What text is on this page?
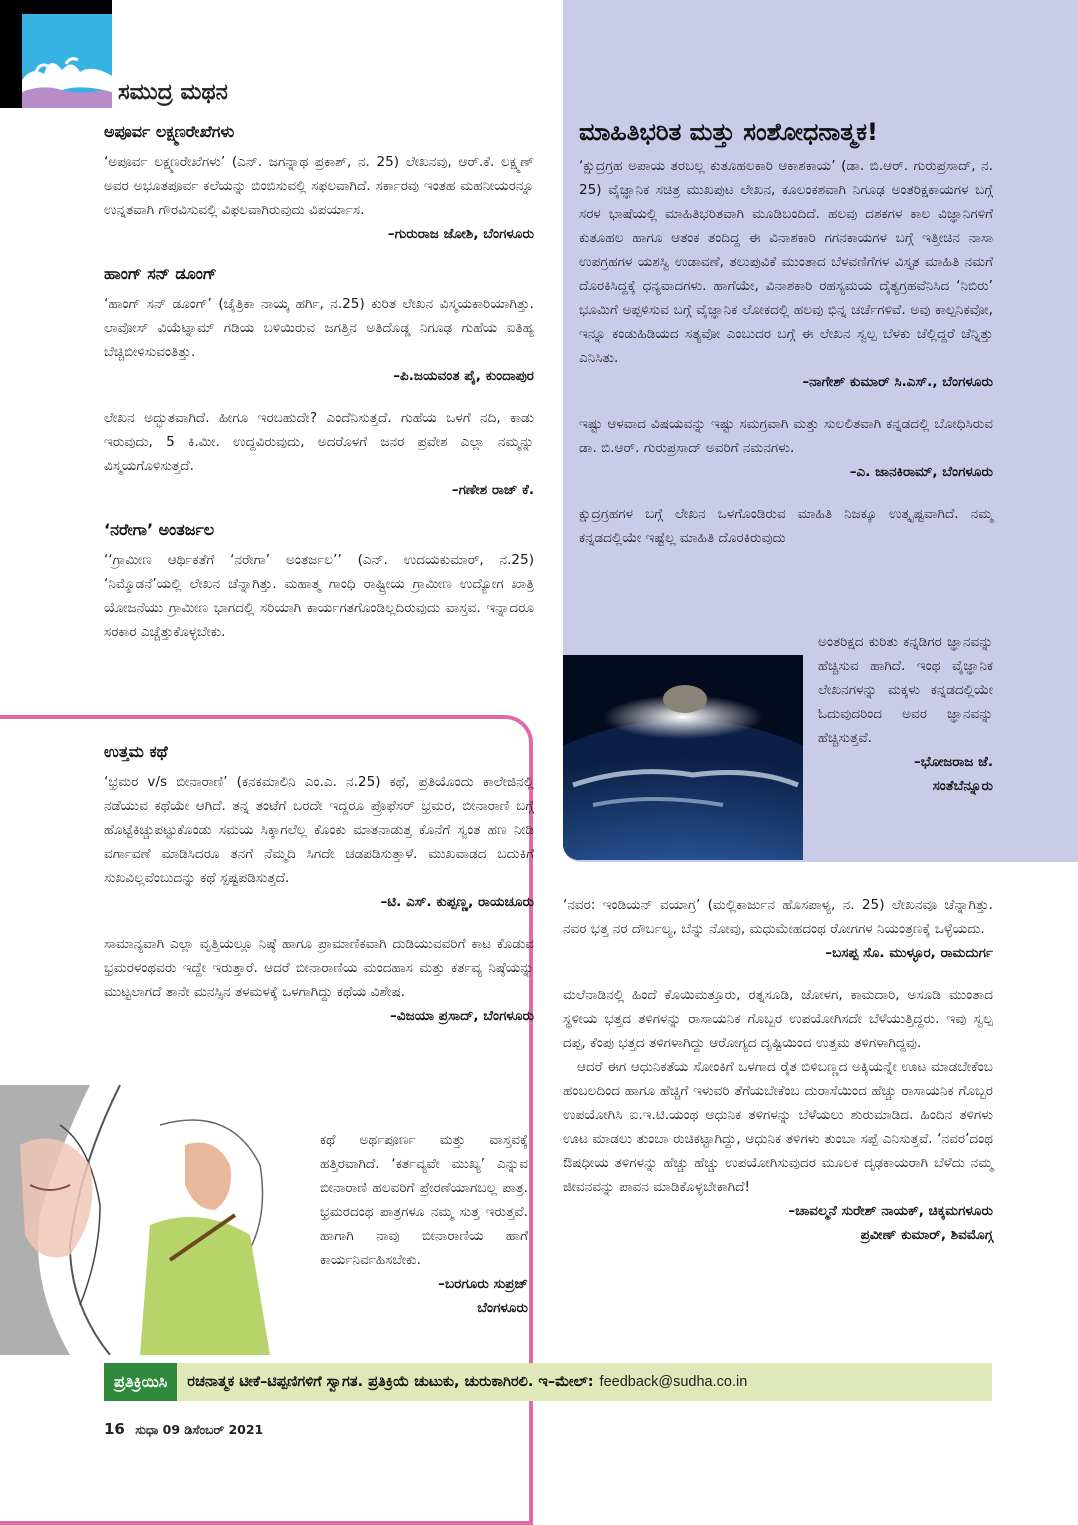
ಸಮುದ್ರ ಮಥನ
ಅಪೂರ್ವ ಲಕ್ಷ್ಮಣರೇಖೆಗಳು

‘ಅಪೂರ್ವ ಲಕ್ಷ್ಮಣರೇಖೆಗಳು’ (ಎನ್. ಜಗನ್ನಾಥ ಪ್ರಕಾಶ್, ನ. 25) ಲೇಖನವು, ಆರ್.ಕೆ. ಲಕ್ಷ್ಮಣ್ ಅವರ ಅಭೂತಪೂರ್ವ ಕಲೆಯನ್ನು ಬಿಂಬಿಸುವಲ್ಲಿ ಸಫಲವಾಗಿದೆ. ಸರ್ಕಾರವು ಇಂತಹ ಮಹನೀಯರನ್ನೂ ಉನ್ನತವಾಗಿ ಗೌರವಿಸುವಲ್ಲಿ ವಿಫಲವಾಗಿರುವುದು ವಿಪರ್ಯಾಸ.

–ಗುರುರಾಜ ಜೋಶಿ, ಬೆಂಗಳೂರು

ಹಾಂಗ್ ಸನ್ ಡೂಂಗ್

‘ಹಾಂಗ್ ಸನ್ ಡೂಂಗ್’ (ಚೈತ್ರಿಕಾ ನಾಯ್ಕ ಹರ್ಗಿ, ನ.25) ಕುರಿತ ಲೇಖನ ವಿಸ್ಮಯಕಾರಿಯಾಗಿತ್ತು. ಲಾವೋಸ್ ವಿಯೆಟ್ನಾಮ್ ಗಡಿಯ ಬಳಿಯಿರುವ ಜಗತ್ತಿನ ಅತಿದೊಡ್ಡ ನಿಗೂಢ ಗುಹೆಯ ಐತಿಹ್ಯ ಬೆಚ್ಚಿಬೀಳಿಸುವಂತಿತ್ತು.

–ಪಿ.ಜಯವಂತ ಪೈ, ಕುಂದಾಪುರ

ಲೇಖನ ಅದ್ಭುತವಾಗಿದೆ. ಹೀಗೂ ಇರಬಹುದೇ? ಎಂದೆನಿಸುತ್ತದೆ. ಗುಹೆಯ ಒಳಗೆ ನದಿ, ಕಾಡು ಇರುವುದು, 5 ಕಿ.ಮೀ. ಉದ್ದವಿರುವುದು, ಅದರೊಳಗೆ ಜನರ ಪ್ರವೇಶ ಎಲ್ಲಾ ನಮ್ಮನ್ನು ವಿಸ್ಮಯಗೊಳಿಸುತ್ತದೆ.

–ಗಣೇಶ ರಾಜ್ ಕೆ.

‘ನರೇಗಾ’ ಅಂತರ್ಜಲ

‘‘ಗ್ರಾಮೀಣ ಆರ್ಥಿಕತೆಗೆ ‘ನರೇಗಾ’ ಅಂತರ್ಜಲ’’ (ಎನ್. ಉದಯಕುಮಾರ್, ನ.25) ‘ನಿಮ್ಮೊಡನೆ’ಯಲ್ಲಿ ಲೇಖನ ಚೆನ್ನಾಗಿತ್ತು. ಮಹಾತ್ಮ ಗಾಂಧಿ ರಾಷ್ಟ್ರೀಯ ಗ್ರಾಮೀಣ ಉದ್ಯೋಗ ಖಾತ್ರಿ ಯೋಜನೆಯು ಗ್ರಾಮೀಣ ಭಾಗದಲ್ಲಿ ಸರಿಯಾಗಿ ಕಾರ್ಯಗತಗೊಂಡಿಲ್ಲದಿರುವುದು ವಾಸ್ತವ. ಇನ್ನಾದರೂ ಸರಕಾರ ಎಚ್ಚೆತ್ತುಕೊಳ್ಳಬೇಕು.

ಮಾಹಿತಿಭರಿತ ಮತ್ತು ಸಂಶೋಧನಾತ್ಮಕ!

‘ಕ್ಷುದ್ರಗ್ರಹ ಅಪಾಯ ತರಬಲ್ಲ ಕುತೂಹಲಕಾರಿ ಆಕಾಶಕಾಯ’ (ಡಾ. ಬಿ.ಆರ್. ಗುರುಪ್ರಸಾದ್, ನ. 25) ವೈಜ್ಞಾನಿಕ ಸಚಿತ್ರ ಮುಖಪುಟ ಲೇಖನ, ಕೂಲಂಕಶವಾಗಿ ನಿಗೂಢ ಅಂತರಿಕ್ಷಕಾಯಗಳ ಬಗ್ಗೆ ಸರಳ ಭಾಷೆಯಲ್ಲಿ ಮಾಹಿತಿಭರಿತವಾಗಿ ಮೂಡಿಬಂದಿದೆ. ಹಲವು ದಶಕಗಳ ಕಾಲ ವಿಜ್ಞಾನಿಗಳಿಗೆ ಕುತೂಹಲ ಹಾಗೂ ಆತಂಕ ತಂದಿದ್ದ ಈ ವಿನಾಶಕಾರಿ ಗಗನಕಾಯಗಳ ಬಗ್ಗೆ ಇತ್ತೀಚಿನ ನಾಸಾ ಉಪಗ್ರಹಗಳ ಯಶಸ್ವಿ ಉಡಾವಣೆ, ತಲುಪುವಿಕೆ ಮುಂತಾದ ಬೆಳವಣಿಗೆಗಳ ವಿಸ್ತೃತ ಮಾಹಿತಿ ನಮಗೆ ದೊರಕಿಸಿದ್ದಕ್ಕೆ ಧನ್ಯವಾದಗಳು. ಹಾಗೆಯೇ, ವಿನಾಶಕಾರಿ ರಹಸ್ಯಮಯ ದೈತ್ಯಗ್ರಹವೆನಿಸಿದ ‘ನಿಬಿರು’ ಭೂಮಿಗೆ ಅಪ್ಪಳಿಸುವ ಬಗ್ಗೆ ವೈಜ್ಞಾನಿಕ ಲೋಕದಲ್ಲಿ ಹಲವು ಭಿನ್ನ ಚರ್ಚೆಗಳಿವೆ. ಅವು ಕಾಲ್ಪನಿಕವೋ, ಇನ್ನೂ ಕಂಡುಹಿಡಿಯದ ಸತ್ಯವೋ ಎಂಬುದರ ಬಗ್ಗೆ ಈ ಲೇಖನ ಸ್ವಲ್ಪ ಬೆಳಕು ಚೆಲ್ಲಿದ್ದರೆ ಚೆನ್ನಿತ್ತು ಎನಿಸಿತು.

–ನಾಗೇಶ್ ಕುಮಾರ್ ಸಿ.ಎಸ್., ಬೆಂಗಳೂರು

ಇಷ್ಟು ಆಳವಾದ ವಿಷಯವನ್ನು ಇಷ್ಟು ಸಮಗ್ರವಾಗಿ ಮತ್ತು ಸುಲಲಿತವಾಗಿ ಕನ್ನಡದಲ್ಲಿ ಬೋಧಿಸಿರುವ ಡಾ. ಬಿ.ಆರ್. ಗುರುಪ್ರಸಾದ್ ಅವರಿಗೆ ನಮನಗಳು.

–ಎ. ಜಾನಕಿರಾಮ್, ಬೆಂಗಳೂರು

ಕ್ಷುದ್ರಗ್ರಹಗಳ ಬಗ್ಗೆ ಲೇಖನ ಒಳಗೊಂಡಿರುವ ಮಾಹಿತಿ ನಿಜಕ್ಕೂ ಉತ್ಕೃಷ್ಟವಾಗಿದೆ. ನಮ್ಮ ಕನ್ನಡದಲ್ಲಿಯೇ ಇಷ್ಟೆಲ್ಲ ಮಾಹಿತಿ ದೊರಕಿರುವುದು

ಅಂತರಿಕ್ಷದ ಕುರಿತು ಕನ್ನಡಿಗರ ಜ್ಞಾನವನ್ನು ಹೆಚ್ಚಿಸುವ ಹಾಗಿದೆ. ಇಂಥ ವೈಜ್ಞಾನಿಕ ಲೇಖನಗಳನ್ನು ಮಕ್ಕಳು ಕನ್ನಡದಲ್ಲಿಯೇ ಓದುವುದರಿಂದ ಅವರ ಜ್ಞಾನವನ್ನು ಹೆಚ್ಚಿಸುತ್ತವೆ.

–ಭೋಜರಾಜ ಜೆ.

ಸಂತೆಬೆನ್ನೂರು

‘ನವರ: ಇಂಡಿಯನ್ ವಯಾಗ್ರ’ (ಮಲ್ಲಿಕಾರ್ಜುನ ಹೊಸಪಾಳ್ಯ, ನ. 25) ಲೇಖನವೂ ಚೆನ್ನಾಗಿತ್ತು. ನವರ ಭತ್ತ ನರ ದೌರ್ಬಲ್ಯ, ಬೆನ್ನು ನೋವು, ಮಧುಮೇಹದಂಥ ರೋಗಗಳ ನಿಯಂತ್ರಣಕ್ಕೆ ಒಳ್ಳೆಯದು.

–ಬಸಪ್ಪ ಸೊ. ಮುಳ್ಳೂರ, ರಾಮದುರ್ಗ

ಮಲೆನಾಡಿನಲ್ಲಿ ಹಿಂದೆ ಕೊಯಿಮತ್ತೂರು, ರತ್ನಸೂಡಿ, ಜೋಳಗ, ಕಾಮದಾರಿ, ಅಸೂಡಿ ಮುಂತಾದ ಸ್ಥಳೀಯ ಭತ್ತದ ತಳಿಗಳನ್ನು ರಾಸಾಯನಿಕ ಗೊಬ್ಬರ ಉಪಯೋಗಿಸದೇ ಬೆಳೆಯುತ್ತಿದ್ದರು. ಇವು ಸ್ವಲ್ಪ ದಪ್ಪ, ಕೆಂಪು ಭತ್ತದ ತಳಿಗಳಾಗಿದ್ದು ಆರೋಗ್ಯದ ದೃಷ್ಟಿಯಿಂದ ಉತ್ತಮ ತಳಿಗಳಾಗಿದ್ದವು.

ಆದರೆ ಈಗ ಆಧುನಿಕತೆಯ ಸೋಂಕಿಗೆ ಒಳಗಾದ ರೈತ ಬಿಳಿಬಣ್ಣದ ಅಕ್ಕಿಯನ್ನೇ ಊಟ ಮಾಡಬೇಕೆಂಬ ಹಂಬಲದಿಂದ ಹಾಗೂ ಹೆಚ್ಚಿಗೆ ಇಳುವರಿ ತೆಗೆಯಬೇಕೆಂಬ ದುರಾಸೆಯಿಂದ ಹೆಚ್ಚು ರಾಸಾಯನಿಕ ಗೊಬ್ಬರ ಉಪಯೋಗಿಸಿ ಐ.ಇ.ಟಿ.ಯಂಥ ಆಧುನಿಕ ತಳಿಗಳನ್ನು ಬೆಳೆಯಲು ಶುರುಮಾಡಿದ. ಹಿಂದಿನ ತಳಿಗಳು ಊಟ ಮಾಡಲು ತುಂಬಾ ರುಚಿಕಟ್ಟಾಗಿದ್ದು, ಆಧುನಿಕ ತಳಿಗಳು ತುಂಬಾ ಸಪ್ಪೆ ಎನಿಸುತ್ತವೆ. ‘ನವರ’ದಂಥ ಔಷಧೀಯ ತಳಿಗಳನ್ನು ಹೆಚ್ಚು ಹೆಚ್ಚು ಉಪಯೋಗಿಸುವುದರ ಮೂಲಕ ದೃಢಕಾಯರಾಗಿ ಬೆಳೆದು ನಮ್ಮ ಜೀವನವನ್ನು ಪಾವನ ಮಾಡಿಕೊಳ್ಳಬೇಕಾಗಿದೆ!

–ಚಾವಲ್ಮನೆ ಸುರೇಶ್ ನಾಯಕ್, ಚಿಕ್ಕಮಗಳೂರು

ಪ್ರವೀಣ್ ಕುಮಾರ್, ಶಿವಮೊಗ್ಗ

ಉತ್ತಮ ಕಥೆ

‘ಭ್ರಮರ v/s ಬೀನಾರಾಣಿ’ (ಕನಕಮಾಲಿನಿ ಎಂ.ಎ. ನ.25) ಕಥೆ, ಪ್ರತಿಯೊಂದು ಕಾಲೇಜಿನಲ್ಲಿ ನಡೆಯುವ ಕಥೆಯೇ ಆಗಿದೆ. ತನ್ನ ತಂಟೆಗೆ ಬರದೇ ಇದ್ದರೂ ಪ್ರೊಫೆಸರ್ ಭ್ರಮರ, ಬೀನಾರಾಣಿ ಬಗ್ಗೆ ಹೊಟ್ಟೆಕಿಚ್ಚುಪಟ್ಟುಕೊಂಡು ಸಮಯ ಸಿಕ್ಕಾಗಲೆಲ್ಲ ಕೊಂಕು ಮಾತನಾಡುತ್ತ ಕೊನೆಗೆ ಸ್ವಂತ ಹಣ ನೀಡಿ ವರ್ಗಾವಣೆ ಮಾಡಿಸಿದರೂ ತನಗೆ ನೆಮ್ಮದಿ ಸಿಗದೇ ಚಡಪಡಿಸುತ್ತಾಳೆ. ಮುಖವಾಡದ ಬದುಕಿಗೆ ಸುಖವಿಲ್ಲವೆಂಬುದನ್ನು ಕಥೆ ಸ್ಪಷ್ಟಪಡಿಸುತ್ತದೆ.

–ಟಿ. ಎಸ್. ಕುಪ್ಪಣ್ಣ, ರಾಯಚೂರು

ಸಾಮಾನ್ಯವಾಗಿ ಎಲ್ಲಾ ವೃತ್ತಿಯಲ್ಲೂ ನಿಷ್ಠೆ ಹಾಗೂ ಪ್ರಾಮಾಣಿಕವಾಗಿ ದುಡಿಯುವವರಿಗೆ ಕಾಟ ಕೊಡುವ ಭ್ರಮರಳಂಥವರು ಇದ್ದೇ ಇರುತ್ತಾರೆ. ಆದರೆ ಬೀನಾರಾಣಿಯ ಮಂದಹಾಸ ಮತ್ತು ಕರ್ತವ್ಯ ನಿಷ್ಠೆಯನ್ನು ಮುಟ್ಟಲಾಗದೆ ತಾನೇ ಮನಸ್ಸಿನ ತಳಮಳಕ್ಕೆ ಒಳಗಾಗಿದ್ದು ಕಥೆಯ ವಿಶೇಷ.

–ವಿಜಯಾ ಪ್ರಸಾದ್, ಬೆಂಗಳೂರು

ಕಥೆ ಅರ್ಥಪೂರ್ಣ ಮತ್ತು ವಾಸ್ತವಕ್ಕೆ ಹತ್ತಿರವಾಗಿದೆ. ‘ಕರ್ತವ್ಯವೇ ಮುಖ್ಯ’ ಎನ್ನುವ ಬೀನಾರಾಣಿ ಹಲವರಿಗೆ ಪ್ರೇರಣೆಯಾಗಬಲ್ಲ ಪಾತ್ರ. ಭ್ರಮರದಂಥ ಪಾತ್ರಗಳೂ ನಮ್ಮ ಸುತ್ತ ಇರುತ್ತವೆ. ಹಾಗಾಗಿ ನಾವು ಬೀನಾರಾಣಿಯ ಹಾಗೆ ಕಾರ್ಯನಿರ್ವಹಿಸಬೇಕು.

–ಬರಗೂರು ಸುಪ್ರಜ್

ಬೆಂಗಳೂರು

ಪ್ರತಿಕ್ರಿಯಿಸಿ	ರಚನಾತ್ಮಕ ಟೀಕೆ–ಟಿಪ್ಪಣಿಗಳಿಗೆ ಸ್ವಾಗತ. ಪ್ರತಿಕ್ರಿಯೆ ಚುಟುಕು, ಚುರುಕಾಗಿರಲಿ. ಇ–ಮೇಲ್: feedback@sudha.co.in
16 ಸುಧಾ 09 ಡಿಸೆಂಬರ್ 2021
